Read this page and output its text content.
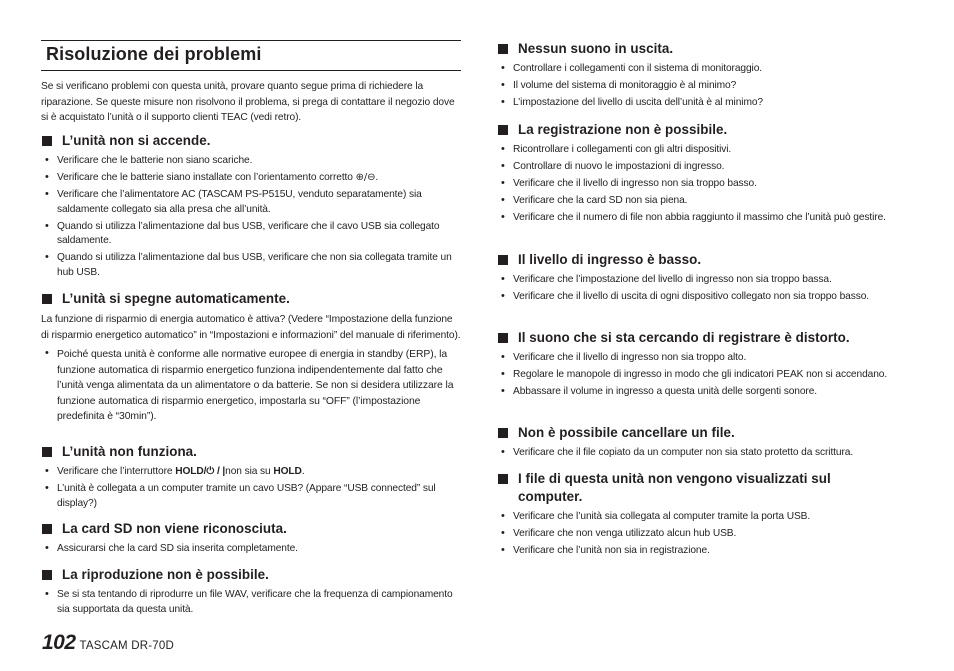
Risoluzione dei problemi

Se si verificano problemi con questa unità, provare quanto segue prima di richiedere la riparazione. Se queste misure non risolvono il problema, si prega di contattare il negozio dove si è acquistato l’unità o il supporto clienti TEAC (vedi retro).

L’unità non si accende.
• Verificare che le batterie non siano scariche.
• Verificare che le batterie siano installate con l’orientamento corretto ⊕/⊖.
• Verificare che l’alimentatore AC (TASCAM PS-P515U, venduto separatamente) sia saldamente collegato sia alla presa che all’unità.
• Quando si utilizza l’alimentazione dal bus USB, verificare che il cavo USB sia collegato saldamente.
• Quando si utilizza l’alimentazione dal bus USB, verificare che non sia collegata tramite un hub USB.
L’unità si spegne automaticamente.

La funzione di risparmio di energia automatico è attiva? (Vedere “Impostazione della funzione di risparmio energetico automatico” in “Impostazioni e informazioni” del manuale di riferimento).

• Poiché questa unità è conforme alle normative europee di energia in standby (ERP), la funzione automatica di risparmio energetico funziona indipendentemente dal fatto che l’unità venga alimentata da un alimentatore o da batterie. Se non si desidera utilizzare la funzione automatica di risparmio energetico, impostarla su “OFF” (l’impostazione predefinita è “30min”).
L’unità non funziona.
• Verificare che l’interruttore HOLD/⏻ / |non sia su HOLD.
• L’unità è collegata a un computer tramite un cavo USB? (Appare “USB connected” sul display?)
La card SD non viene riconosciuta.
• Assicurarsi che la card SD sia inserita completamente.
La riproduzione non è possibile.
• Se si sta tentando di riprodurre un file WAV, verificare che la frequenza di campionamento sia supportata da questa unità.
Nessun suono in uscita.
• Controllare i collegamenti con il sistema di monitoraggio.
• Il volume del sistema di monitoraggio è al minimo?
• L’impostazione del livello di uscita dell’unità è al minimo?
La registrazione non è possibile.
• Ricontrollare i collegamenti con gli altri dispositivi.
• Controllare di nuovo le impostazioni di ingresso.
• Verificare che il livello di ingresso non sia troppo basso.
• Verificare che la card SD non sia piena.
• Verificare che il numero di file non abbia raggiunto il massimo che l’unità può gestire.
Il livello di ingresso è basso.
• Verificare che l’impostazione del livello di ingresso non sia troppo bassa.
• Verificare che il livello di uscita di ogni dispositivo collegato non sia troppo basso.
Il suono che si sta cercando di registrare è distorto.
• Verificare che il livello di ingresso non sia troppo alto.
• Regolare le manopole di ingresso in modo che gli indicatori PEAK non si accendano.
• Abbassare il volume in ingresso a questa unità delle sorgenti sonore.
Non è possibile cancellare un file.
• Verificare che il file copiato da un computer non sia stato protetto da scrittura.
I file di questa unità non vengono visualizzati sul computer.
• Verificare che l’unità sia collegata al computer tramite la porta USB.
• Verificare che non venga utilizzato alcun hub USB.
• Verificare che l’unità non sia in registrazione.
102 TASCAM DR-70D
